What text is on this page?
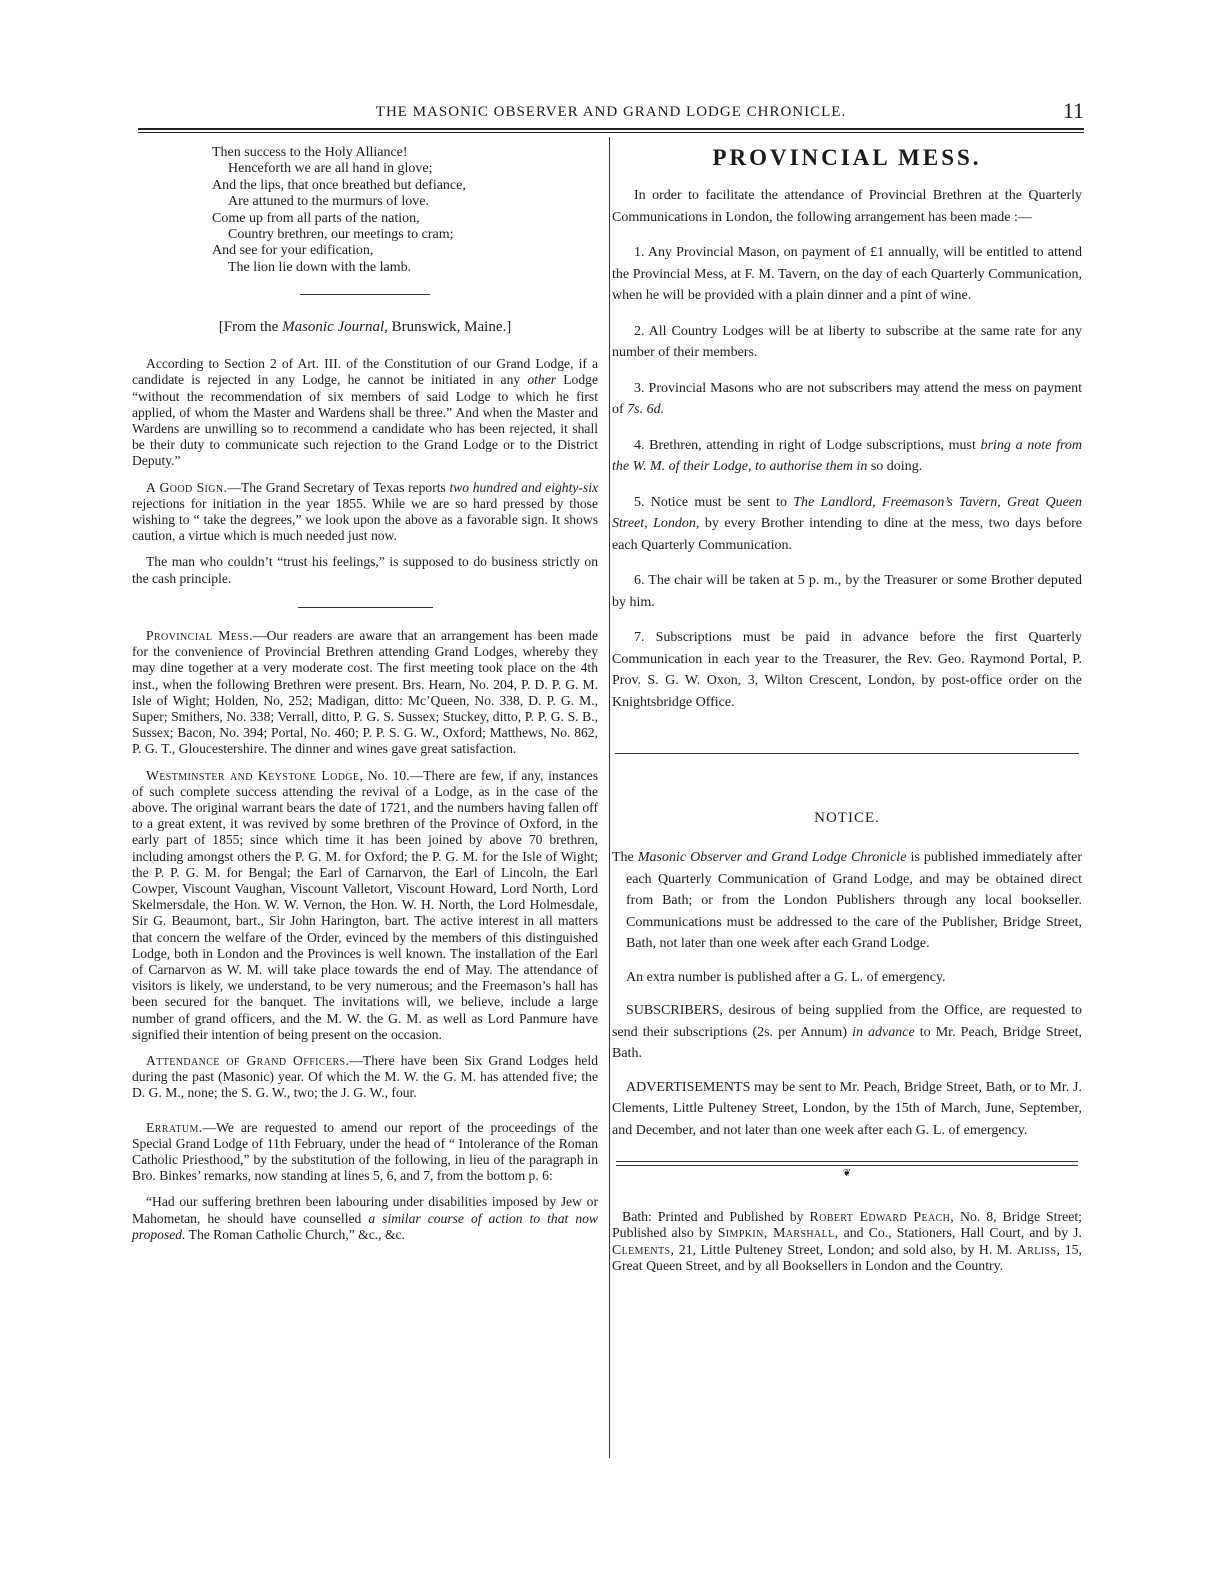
THE MASONIC OBSERVER AND GRAND LODGE CHRONICLE.	11
Then success to the Holy Alliance!
Henceforth we are all hand in glove;
And the lips, that once breathed but defiance,
Are attuned to the murmurs of love.
Come up from all parts of the nation,
Country brethren, our meetings to cram;
And see for your edification,
The lion lie down with the lamb.
[From the Masonic Journal, Brunswick, Maine.]

According to Section 2 of Art. III. of the Constitution of our Grand Lodge, if a candidate is rejected in any Lodge, he cannot be initiated in any other Lodge “without the recommendation of six members of said Lodge to which he first applied, of whom the Master and Wardens shall be three.” And when the Master and Wardens are unwilling so to recommend a candidate who has been rejected, it shall be their duty to communicate such rejection to the Grand Lodge or to the District Deputy.”

A Good Sign.—The Grand Secretary of Texas reports two hundred and eighty-six rejections for initiation in the year 1855. While we are so hard pressed by those wishing to “ take the degrees,” we look upon the above as a favorable sign. It shows caution, a virtue which is much needed just now.

The man who couldn’t “trust his feelings,” is supposed to do business strictly on the cash principle.

Provincial Mess.—Our readers are aware that an arrangement has been made for the convenience of Provincial Brethren attending Grand Lodges, whereby they may dine together at a very moderate cost. The first meeting took place on the 4th inst., when the following Brethren were present. Brs. Hearn, No. 204, P. D. P. G. M. Isle of Wight; Holden, No, 252; Madigan, ditto: Mc’Queen, No. 338, D. P. G. M., Super; Smithers, No. 338; Verrall, ditto, P. G. S. Sussex; Stuckey, ditto, P. P. G. S. B., Sussex; Bacon, No. 394; Portal, No. 460; P. P. S. G. W., Oxford; Matthews, No. 862, P. G. T., Gloucestershire. The dinner and wines gave great satisfaction.

Westminster and Keystone Lodge, No. 10.—There are few, if any, instances of such complete success attending the revival of a Lodge, as in the case of the above. The original warrant bears the date of 1721, and the numbers having fallen off to a great extent, it was revived by some brethren of the Province of Oxford, in the early part of 1855; since which time it has been joined by above 70 brethren, including amongst others the P. G. M. for Oxford; the P. G. M. for the Isle of Wight; the P. P. G. M. for Bengal; the Earl of Carnarvon, the Earl of Lincoln, the Earl Cowper, Viscount Vaughan, Viscount Valletort, Viscount Howard, Lord North, Lord Skelmersdale, the Hon. W. W. Vernon, the Hon. W. H. North, the Lord Holmesdale, Sir G. Beaumont, bart., Sir John Harington, bart. The active interest in all matters that concern the welfare of the Order, evinced by the members of this distinguished Lodge, both in London and the Provinces is well known. The installation of the Earl of Carnarvon as W. M. will take place towards the end of May. The attendance of visitors is likely, we understand, to be very numerous; and the Freemason’s hall has been secured for the banquet. The invitations will, we believe, include a large number of grand officers, and the M. W. the G. M. as well as Lord Panmure have signified their intention of being present on the occasion.

Attendance of Grand Officers.—There have been Six Grand Lodges held during the past (Masonic) year. Of which the M. W. the G. M. has attended five; the D. G. M., none; the S. G. W., two; the J. G. W., four.

Erratum.—We are requested to amend our report of the proceedings of the Special Grand Lodge of 11th February, under the head of “ Intolerance of the Roman Catholic Priesthood,” by the substitution of the following, in lieu of the paragraph in Bro. Binkes’ remarks, now standing at lines 5, 6, and 7, from the bottom p. 6:

“Had our suffering brethren been labouring under disabilities imposed by Jew or Mahometan, he should have counselled a similar course of action to that now proposed. The Roman Catholic Church,” &c., &c.

PROVINCIAL MESS.

In order to facilitate the attendance of Provincial Brethren at the Quarterly Communications in London, the following arrangement has been made :—

1. Any Provincial Mason, on payment of £1 annually, will be entitled to attend the Provincial Mess, at F. M. Tavern, on the day of each Quarterly Communication, when he will be provided with a plain dinner and a pint of wine.

2. All Country Lodges will be at liberty to subscribe at the same rate for any number of their members.

3. Provincial Masons who are not subscribers may attend the mess on payment of 7s. 6d.

4. Brethren, attending in right of Lodge subscriptions, must bring a note from the W. M. of their Lodge, to authorise them in so doing.

5. Notice must be sent to The Landlord, Freemason’s Tavern, Great Queen Street, London, by every Brother intending to dine at the mess, two days before each Quarterly Communication.

6. The chair will be taken at 5 p. m., by the Treasurer or some Brother deputed by him.

7. Subscriptions must be paid in advance before the first Quarterly Communication in each year to the Treasurer, the Rev. Geo. Raymond Portal, P. Prov. S. G. W. Oxon, 3, Wilton Crescent, London, by post-office order on the Knightsbridge Office.

NOTICE.

The Masonic Observer and Grand Lodge Chronicle is published immediately after each Quarterly Communication of Grand Lodge, and may be obtained direct from Bath; or from the London Publishers through any local bookseller. Communications must be addressed to the care of the Publisher, Bridge Street, Bath, not later than one week after each Grand Lodge.

An extra number is published after a G. L. of emergency.

SUBSCRIBERS, desirous of being supplied from the Office, are requested to send their subscriptions (2s. per Annum) in advance to Mr. Peach, Bridge Street, Bath.

ADVERTISEMENTS may be sent to Mr. Peach, Bridge Street, Bath, or to Mr. J. Clements, Little Pulteney Street, London, by the 15th of March, June, September, and December, and not later than one week after each G. L. of emergency.

❦

Bath: Printed and Published by Robert Edward Peach, No. 8, Bridge Street; Published also by Simpkin, Marshall, and Co., Stationers, Hall Court, and by J. Clements, 21, Little Pulteney Street, London; and sold also, by H. M. Arliss, 15, Great Queen Street, and by all Booksellers in London and the Country.
